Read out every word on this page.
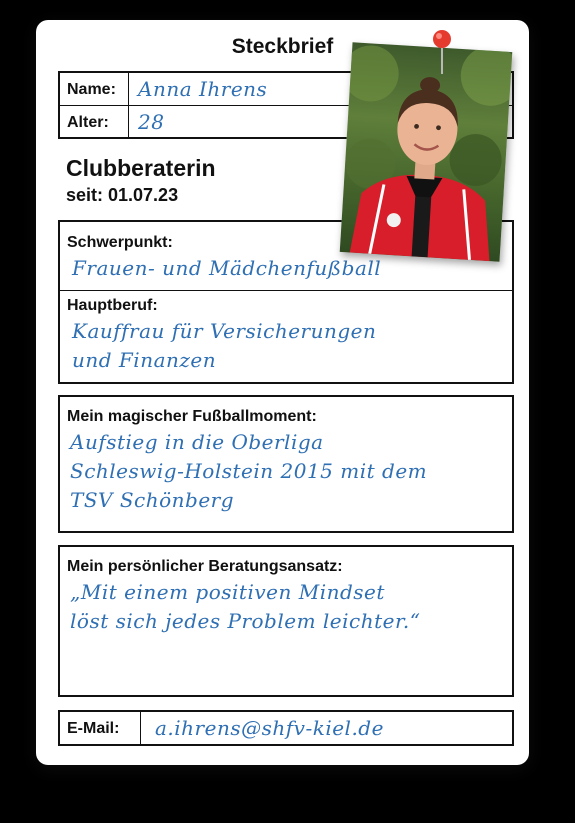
Steckbrief
Name: Anna Ihrens
Alter: 28
Clubberaterin
seit: 01.07.23
Schwerpunkt:
Frauen- und Mädchenfußball
Hauptberuf:
Kauffrau für Versicherungen
und Finanzen
Mein magischer Fußballmoment:
Aufstieg in die Oberliga
Schleswig-Holstein 2015 mit dem
TSV Schönberg
Mein persönlicher Beratungsansatz:
„Mit einem positiven Mindset
löst sich jedes Problem leichter.“
E-Mail: a.ihrens@shfv-kiel.de
